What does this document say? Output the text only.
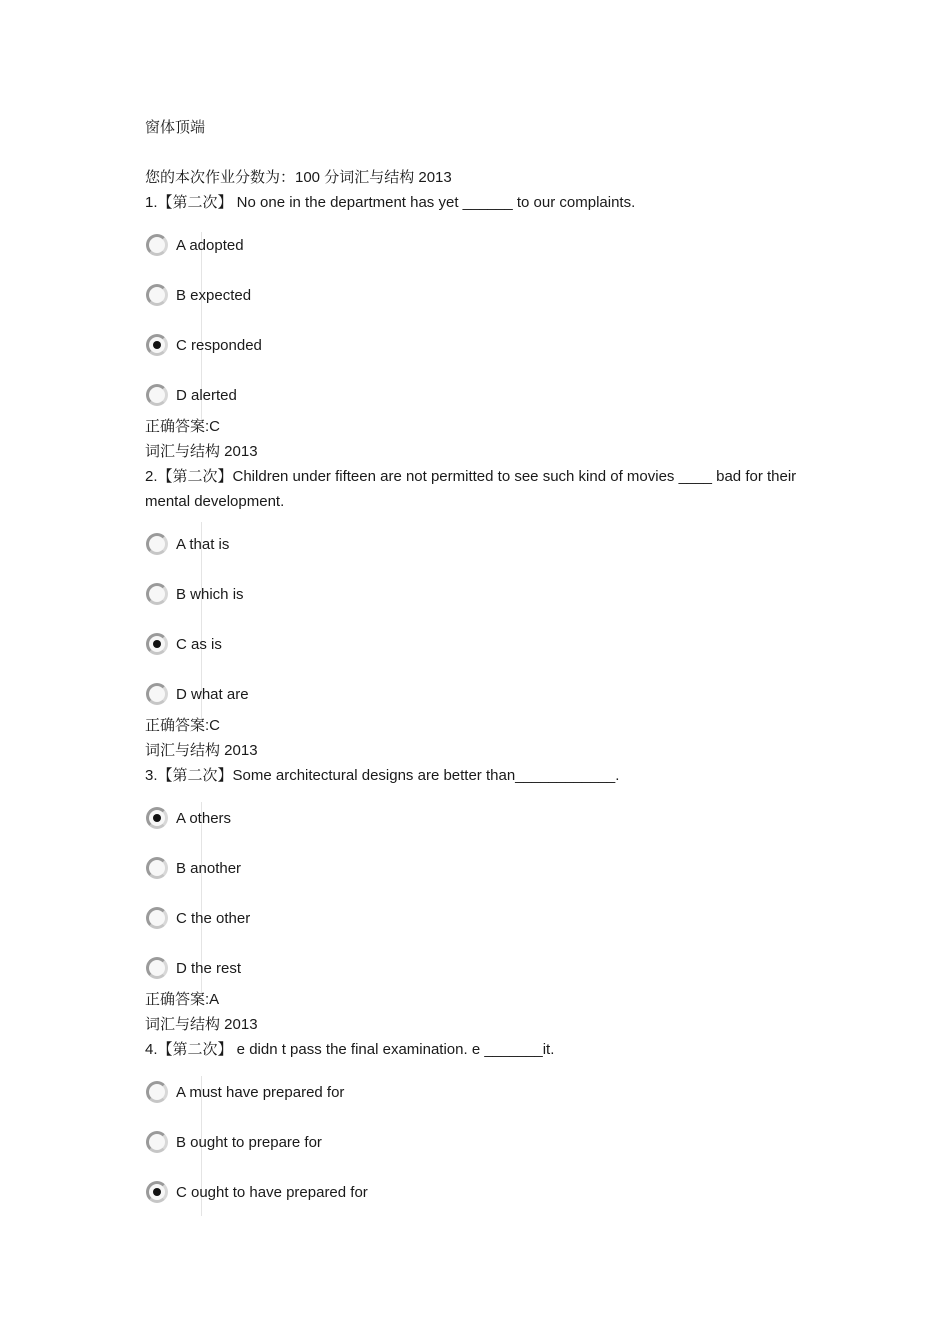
窗体顶端
您的本次作业分数为：100 分词汇与结构 2013
1.【第二次】 No one in the department has yet ______ to our complaints.
A adopted
B expected
C responded
D alerted
正确答案:C
词汇与结构 2013
2.【第二次】Children under fifteen are not permitted to see such kind of movies ____ bad for their mental development.
A that is
B which is
C as is
D what are
正确答案:C
词汇与结构 2013
3.【第二次】Some architectural designs are better than____________.
A others
B another
C the other
D the rest
正确答案:A
词汇与结构 2013
4.【第二次】 e didn t pass the final examination. e _______it.
A must have prepared for
B ought to prepare for
C ought to have prepared for
